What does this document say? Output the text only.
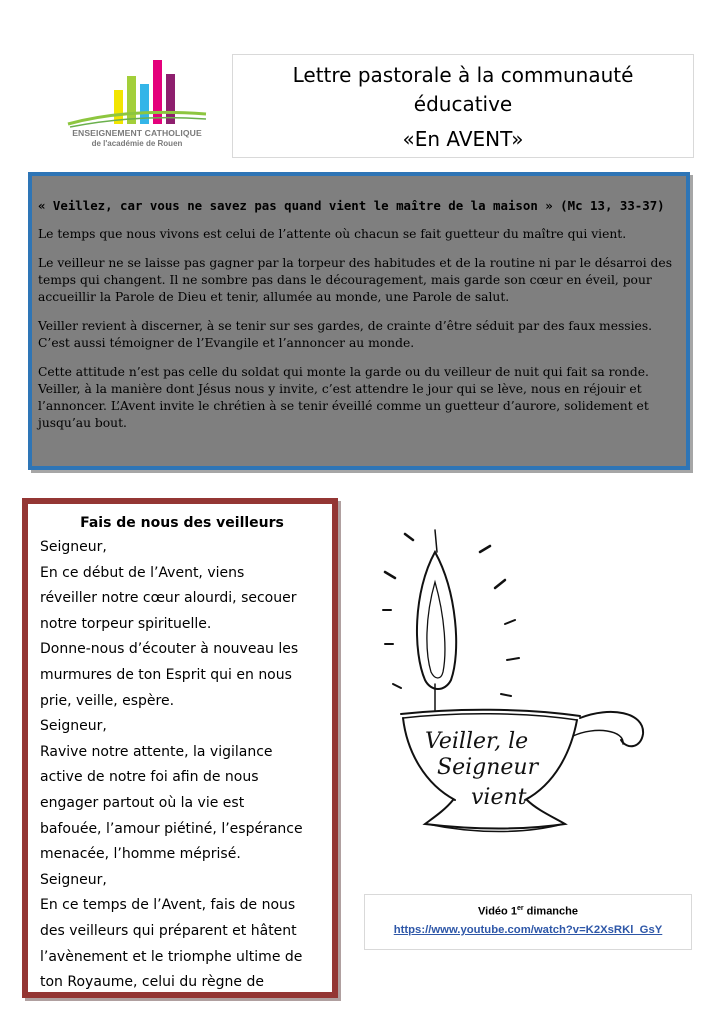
ENSEIGNEMENT CATHOLIQUE
de l'académie de Rouen
Lettre pastorale à la communauté
éducative
«En AVENT»
« Veillez, car vous ne savez pas quand vient le maître de la maison » (Mc 13, 33-37)

Le temps que nous vivons est celui de l’attente où chacun se fait guetteur du maître qui vient.

Le veilleur ne se laisse pas gagner par la torpeur des habitudes et de la routine ni par le désarroi des temps qui changent. Il ne sombre pas dans le découragement, mais garde son cœur en éveil, pour accueillir la Parole de Dieu et tenir, allumée au monde, une Parole de salut.

Veiller revient à discerner, à se tenir sur ses gardes, de crainte d’être séduit par des faux messies. C’est aussi témoigner de l’Evangile et l’annoncer au monde.

Cette attitude n’est pas celle du soldat qui monte la garde ou du veilleur de nuit qui fait sa ronde. Veiller, à la manière dont Jésus nous y invite, c’est attendre le jour qui se lève, nous en réjouir et l’annoncer. L’Avent invite le chrétien à se tenir éveillé comme un guetteur d’aurore, solidement et jusqu’au bout.

Fais de nous des veilleurs
Seigneur,
En ce début de l’Avent, viens
réveiller notre cœur alourdi, secouer
notre torpeur spirituelle.
Donne-nous d’écouter à nouveau les
murmures de ton Esprit qui en nous
prie, veille, espère.
Seigneur,
Ravive notre attente, la vigilance
active de notre foi afin de nous
engager partout où la vie est
bafouée, l’amour piétiné, l’espérance
menacée, l’homme méprisé.
Seigneur,
En ce temps de l’Avent, fais de nous
des veilleurs qui préparent et hâtent
l’avènement et le triomphe ultime de
ton Royaume, celui du règne de
Veiller, le
Seigneur
vient
Vidéo 1er dimanche
https://www.youtube.com/watch?v=K2XsRKl_GsY
